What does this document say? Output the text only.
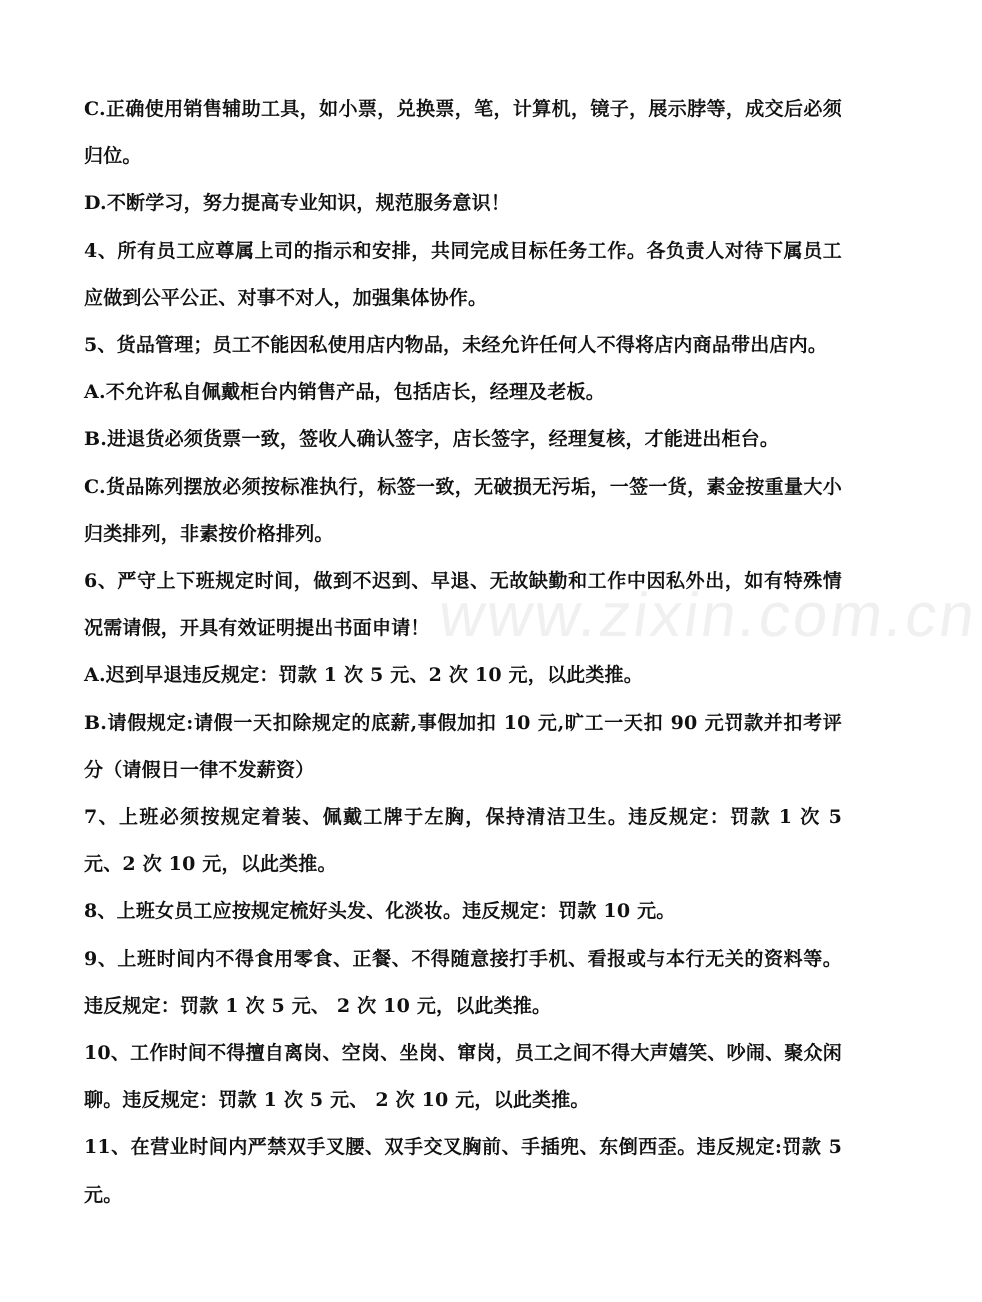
C.正确使用销售辅助工具，如小票，兑换票，笔，计算机，镜子，展示脖等，成交后必须归位。

D.不断学习，努力提高专业知识，规范服务意识！

4、所有员工应尊属上司的指示和安排，共同完成目标任务工作。各负责人对待下属员工应做到公平公正、对事不对人，加强集体协作。

5、货品管理；员工不能因私使用店内物品，未经允许任何人不得将店内商品带出店内。

A.不允许私自佩戴柜台内销售产品，包括店长，经理及老板。

B.进退货必须货票一致，签收人确认签字，店长签字，经理复核，才能进出柜台。

C.货品陈列摆放必须按标准执行，标签一致，无破损无污垢，一签一货，素金按重量大小归类排列，非素按价格排列。

6、严守上下班规定时间，做到不迟到、早退、无故缺勤和工作中因私外出，如有特殊情况需请假，开具有效证明提出书面申请！

A.迟到早退违反规定：罚款 1 次 5 元、2 次 10 元，以此类推。

B.请假规定:请假一天扣除规定的底薪,事假加扣 10 元,旷工一天扣 90 元罚款并扣考评分（请假日一律不发薪资）

7、上班必须按规定着装、佩戴工牌于左胸，保持清洁卫生。违反规定：罚款 1 次 5 元、2 次 10 元，以此类推。

8、上班女员工应按规定梳好头发、化淡妆。违反规定：罚款 10 元。

9、上班时间内不得食用零食、正餐、不得随意接打手机、看报或与本行无关的资料等。违反规定：罚款 1 次 5 元、 2 次 10 元，以此类推。

10、工作时间不得擅自离岗、空岗、坐岗、窜岗，员工之间不得大声嬉笑、吵闹、聚众闲聊。违反规定：罚款 1 次 5 元、 2 次 10 元，以此类推。

11、在营业时间内严禁双手叉腰、双手交叉胸前、手插兜、东倒西歪。违反规定:罚款 5 元。

www.zixin.com.cn
